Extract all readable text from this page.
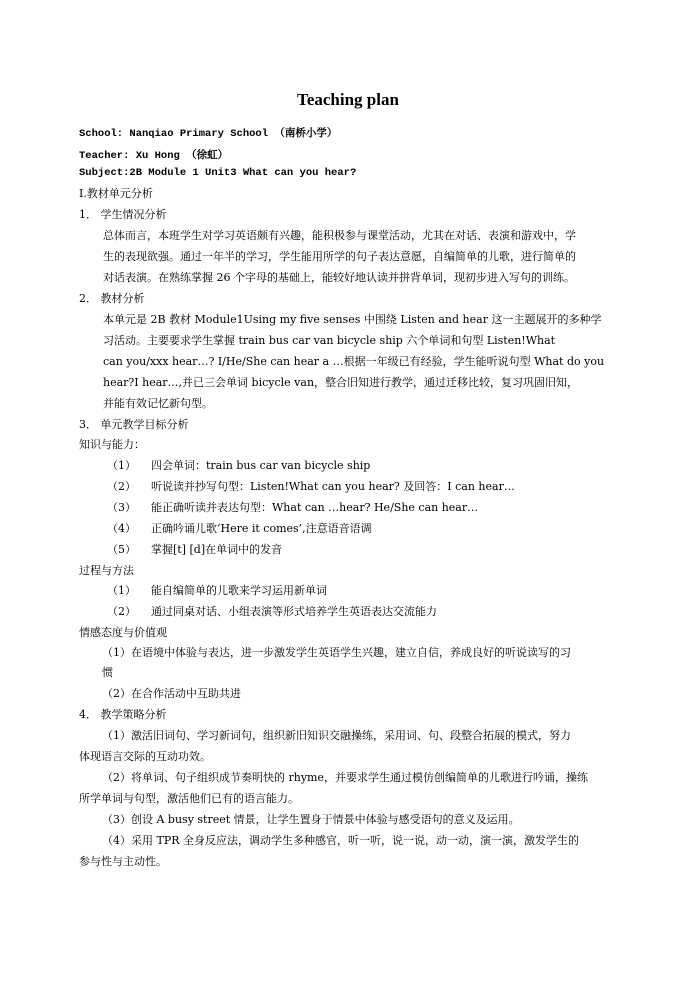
Teaching plan
School: Nanqiao Primary School （南桥小学）
Teacher: Xu Hong （徐虹）
Subject:2B Module 1 Unit3 What can you hear?
Ⅰ.教材单元分析
1． 学生情况分析
总体而言，本班学生对学习英语颇有兴趣，能积极参与课堂活动，尤其在对话、表演和游戏中，学
生的表现欲强。通过一年半的学习，学生能用所学的句子表达意愿，自编简单的儿歌，进行简单的
对话表演。在熟练掌握 26 个字母的基础上，能较好地认读并拼背单词，现初步进入写句的训练。
2． 教材分析
本单元是 2B 教材 Module1Using my five senses 中围绕 Listen and hear 这一主题展开的多种学
习活动。主要要求学生掌握 train bus car van bicycle ship 六个单词和句型 Listen!What
can you/xxx hear…? I/He/She can hear a …根据一年级已有经验，学生能听说句型 What do you
hear?I hear…,并已三会单词 bicycle van，整合旧知进行教学，通过迁移比较，复习巩固旧知，
并能有效记忆新句型。
3． 单元教学目标分析
知识与能力：
（1） 四会单词：train bus car van bicycle ship
（2） 听说读并抄写句型：Listen!What can you hear? 及回答：I can hear…
（3） 能正确听读并表达句型：What can …hear? He/She can hear…
（4） 正确吟诵儿歌‘Here it comes’,注意语音语调
（5） 掌握[t] [d]在单词中的发音
过程与方法
（1） 能自编简单的儿歌来学习运用新单词
（2） 通过同桌对话、小组表演等形式培养学生英语表达交流能力
情感态度与价值观
（1）在语境中体验与表达，进一步激发学生英语学生兴趣，建立自信，养成良好的听说读写的习
惯
（2）在合作活动中互助共进
4． 教学策略分析
（1）激活旧词句、学习新词句，组织新旧知识交融操练，采用词、句、段整合拓展的模式，努力
体现语言交际的互动功效。
（2）将单词、句子组织成节奏明快的 rhyme，并要求学生通过模仿创编简单的儿歌进行吟诵，操练
所学单词与句型，激活他们已有的语言能力。
（3）创设 A busy street 情景，让学生置身于情景中体验与感受语句的意义及运用。
（4）采用 TPR 全身反应法，调动学生多种感官，听一听，说一说，动一动，演一演，激发学生的
参与性与主动性。
